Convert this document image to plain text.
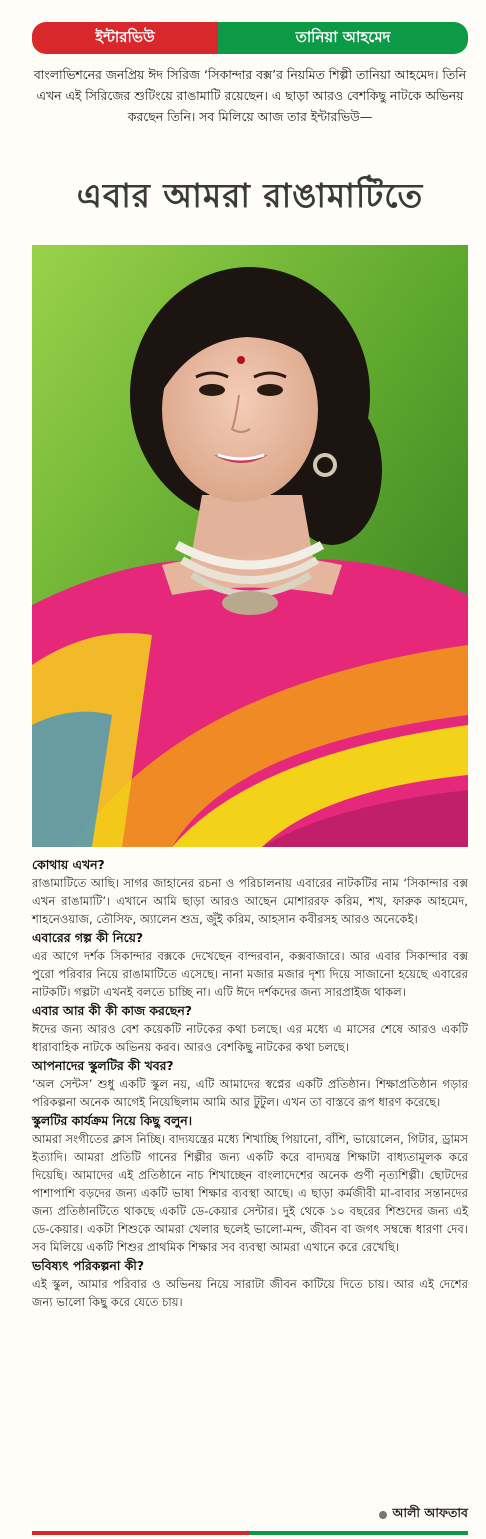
ইন্টারভিউ	তানিয়া আহমেদ

বাংলাভিশনের জনপ্রিয় ঈদ সিরিজ ‘সিকান্দার বক্স’র নিয়মিত শিল্পী তানিয়া আহমেদ। তিনি এখন এই সিরিজের শুটিংয়ে রাঙামাটি রয়েছেন। এ ছাড়া আরও বেশকিছু নাটকে অভিনয় করছেন তিনি। সব মিলিয়ে আজ তার ইন্টারভিউ—

এবার আমরা রাঙামাটিতে
কোথায় এখন?

রাঙামাটিতে আছি। সাগর জাহানের রচনা ও পরিচালনায় এবারের নাটকটির নাম ‘সিকান্দার বক্স এখন রাঙামাটি’। এখানে আমি ছাড়া আরও আছেন মোশাররফ করিম, শখ, ফারুক আহমেদ, শাহনেওয়াজ, তৌসিফ, অ্যালেন শুভ্র, জুঁই করিম, আহসান কবীরসহ আরও অনেকেই।

এবারের গল্প কী নিয়ে?

এর আগে দর্শক সিকান্দার বক্সকে দেখেছেন বান্দরবান, কক্সবাজারে। আর এবার সিকান্দার বক্স পুরো পরিবার নিয়ে রাঙামাটিতে এসেছে। নানা মজার মজার দৃশ্য দিয়ে সাজানো হয়েছে এবারের নাটকটি। গল্পটা এখনই বলতে চাচ্ছি না। এটি ঈদে দর্শকদের জন্য সারপ্রাইজ থাকল।

এবার আর কী কী কাজ করছেন?

ঈদের জন্য আরও বেশ কয়েকটি নাটকের কথা চলছে। এর মধ্যে এ মাসের শেষে আরও একটি ধারাবাহিক নাটকে অভিনয় করব। আরও বেশকিছু নাটকের কথা চলছে।

আপনাদের স্কুলটির কী খবর?

‘অল সেন্টস’ শুধু একটি স্কুল নয়, এটি আমাদের স্বপ্নের একটি প্রতিষ্ঠান। শিক্ষাপ্রতিষ্ঠান গড়ার পরিকল্পনা অনেক আগেই নিয়েছিলাম আমি আর টুটুল। এখন তা বাস্তবে রূপ ধারণ করেছে।

স্কুলটির কার্যক্রম নিয়ে কিছু বলুন।

আমরা সংগীতের ক্লাস নিচ্ছি। বাদ্যযন্ত্রের মধ্যে শিখাচ্ছি পিয়ানো, বাঁশি, ভায়োলেন, গিটার, ড্রামস ইত্যাদি। আমরা প্রতিটি গানের শিল্পীর জন্য একটি করে বাদ্যযন্ত্র শিক্ষাটা বাধ্যতামূলক করে দিয়েছি। আমাদের এই প্রতিষ্ঠানে নাচ শিখাচ্ছেন বাংলাদেশের অনেক গুণী নৃত্যশিল্পী। ছোটদের পাশাপাশি বড়দের জন্য একটি ভাষা শিক্ষার ব্যবস্থা আছে। এ ছাড়া কর্মজীবী মা-বাবার সন্তানদের জন্য প্রতিষ্ঠানটিতে থাকছে একটি ডে-কেয়ার সেন্টার। দুই থেকে ১০ বছরের শিশুদের জন্য এই ডে-কেয়ার। একটা শিশুকে আমরা খেলার ছলেই ভালো-মন্দ, জীবন বা জগৎ সম্বন্ধে ধারণা দেব। সব মিলিয়ে একটি শিশুর প্রাথমিক শিক্ষার সব ব্যবস্থা আমরা এখানে করে রেখেছি।

ভবিষ্যৎ পরিকল্পনা কী?

এই স্কুল, আমার পরিবার ও অভিনয় নিয়ে সারাটা জীবন কাটিয়ে দিতে চায়। আর এই দেশের জন্য ভালো কিছু করে যেতে চায়।

আলী আফতাব
